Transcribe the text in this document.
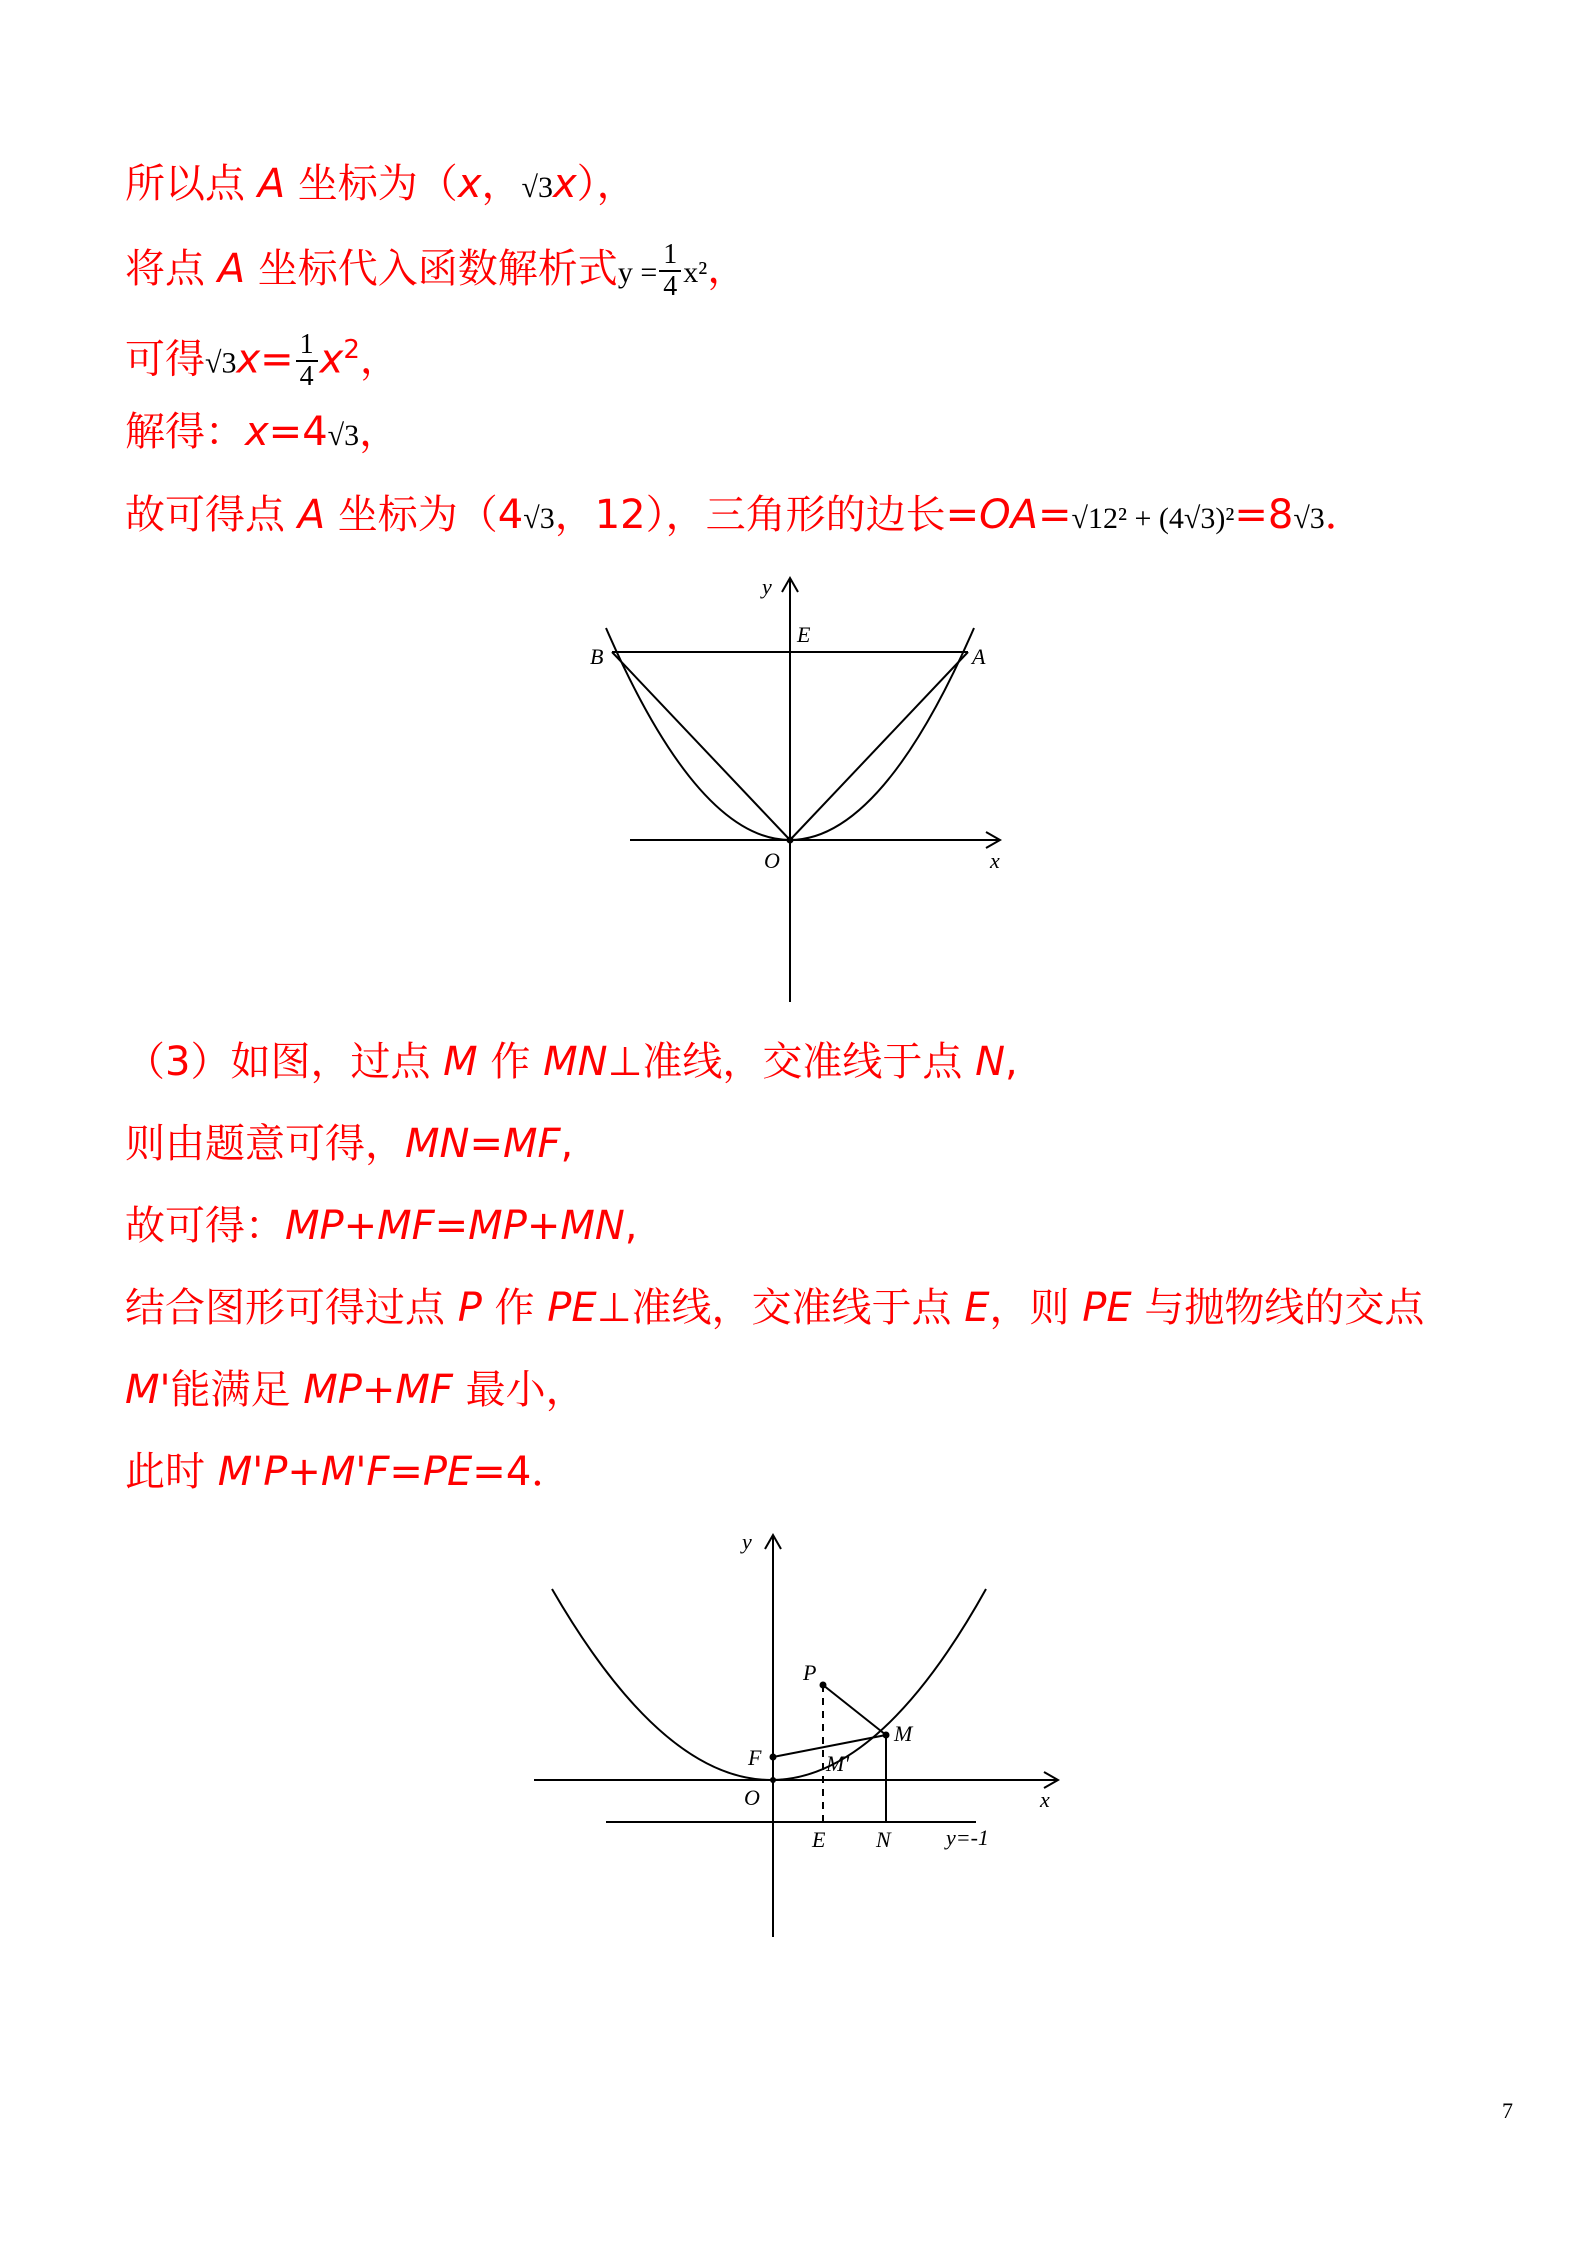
所以点 A 坐标为（x，√3x），
将点 A 坐标代入函数解析式$y = \frac{1}{4} x^2$，
可得$√3x= \frac{1}{4} x^2$，
解得：x=4√3，
故可得点 A 坐标为（4√3，12），三角形的边长=OA=√12² + (4√3)²=8√3．
y
x
O
E
A
B
（3）如图，过点 M 作 MN⊥准线，交准线于点 N,
则由题意可得，MN=MF,
故可得：MP+MF=MP+MN,
结合图形可得过点 P 作 PE⊥准线，交准线于点 E，则 PE 与抛物线的交点
M'能满足 MP+MF 最小，
此时 M'P+M'F=PE=4．
y
x
O
P
F
M
M'
E N	y=-1
7
